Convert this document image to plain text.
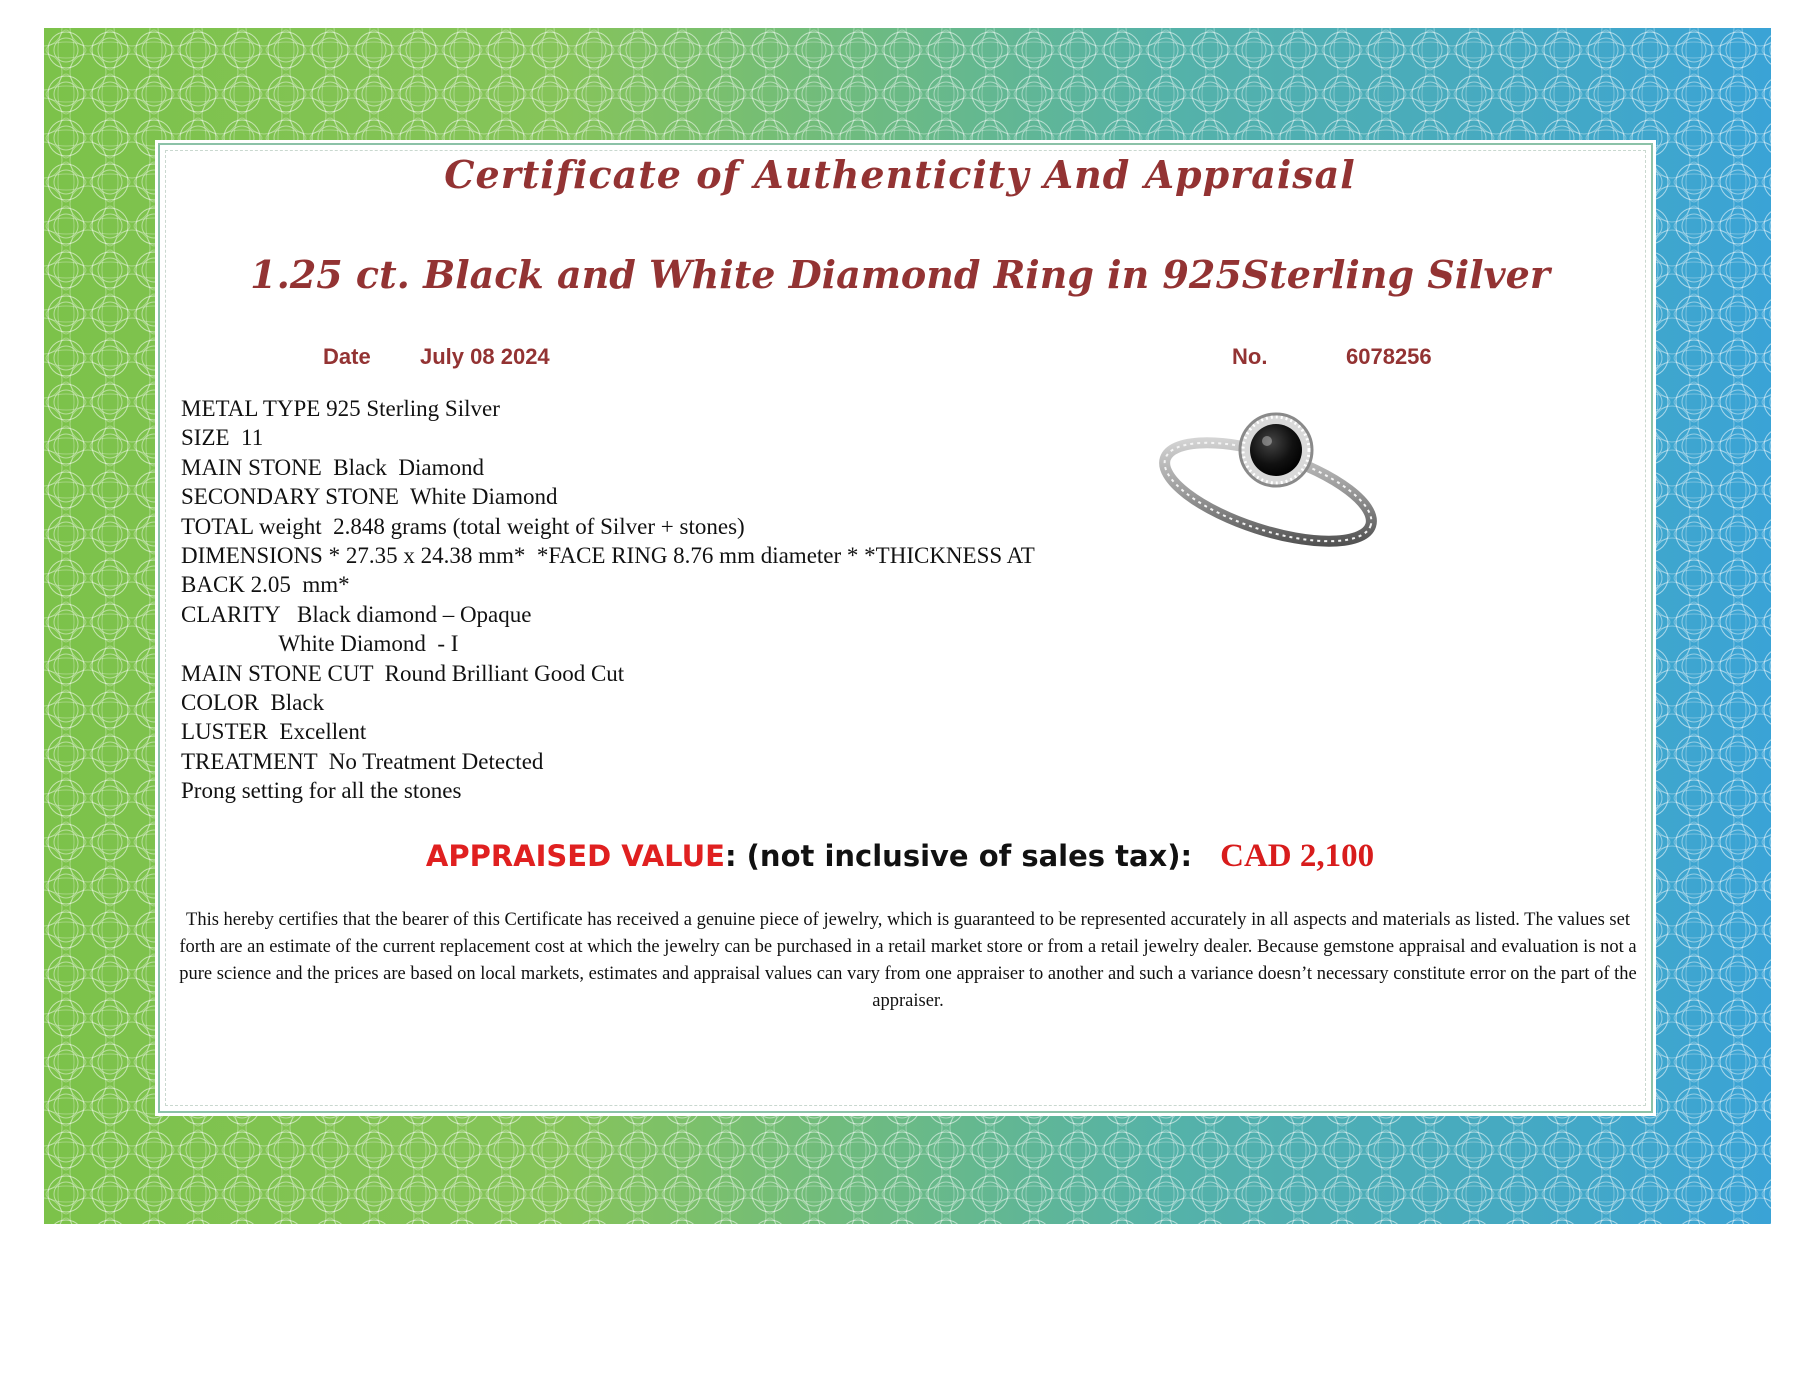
Certificate of Authenticity And Appraisal
1.25 ct. Black and White Diamond Ring in 925Sterling Silver
Date July 08 2024	No.	6078256
METAL TYPE 925 Sterling Silver
SIZE  11
MAIN STONE  Black  Diamond
SECONDARY STONE  White Diamond
TOTAL weight  2.848 grams (total weight of Silver + stones)
DIMENSIONS * 27.35 x 24.38 mm*  *FACE RING 8.76 mm diameter * *THICKNESS AT
BACK 2.05  mm*
CLARITY   Black diamond – Opaque
White Diamond  - I
MAIN STONE CUT  Round Brilliant Good Cut
COLOR  Black
LUSTER  Excellent
TREATMENT  No Treatment Detected
Prong setting for all the stones
APPRAISED VALUE: (not inclusive of sales tax): CAD 2,100
This hereby certifies that the bearer of this Certificate has received a genuine piece of jewelry, which is guaranteed to be represented accurately in all aspects and materials as listed. The values set forth are an estimate of the current replacement cost at which the jewelry can be purchased in a retail market store or from a retail jewelry dealer. Because gemstone appraisal and evaluation is not a pure science and the prices are based on local markets, estimates and appraisal values can vary from one appraiser to another and such a variance doesn’t necessary constitute error on the part of the appraiser.
